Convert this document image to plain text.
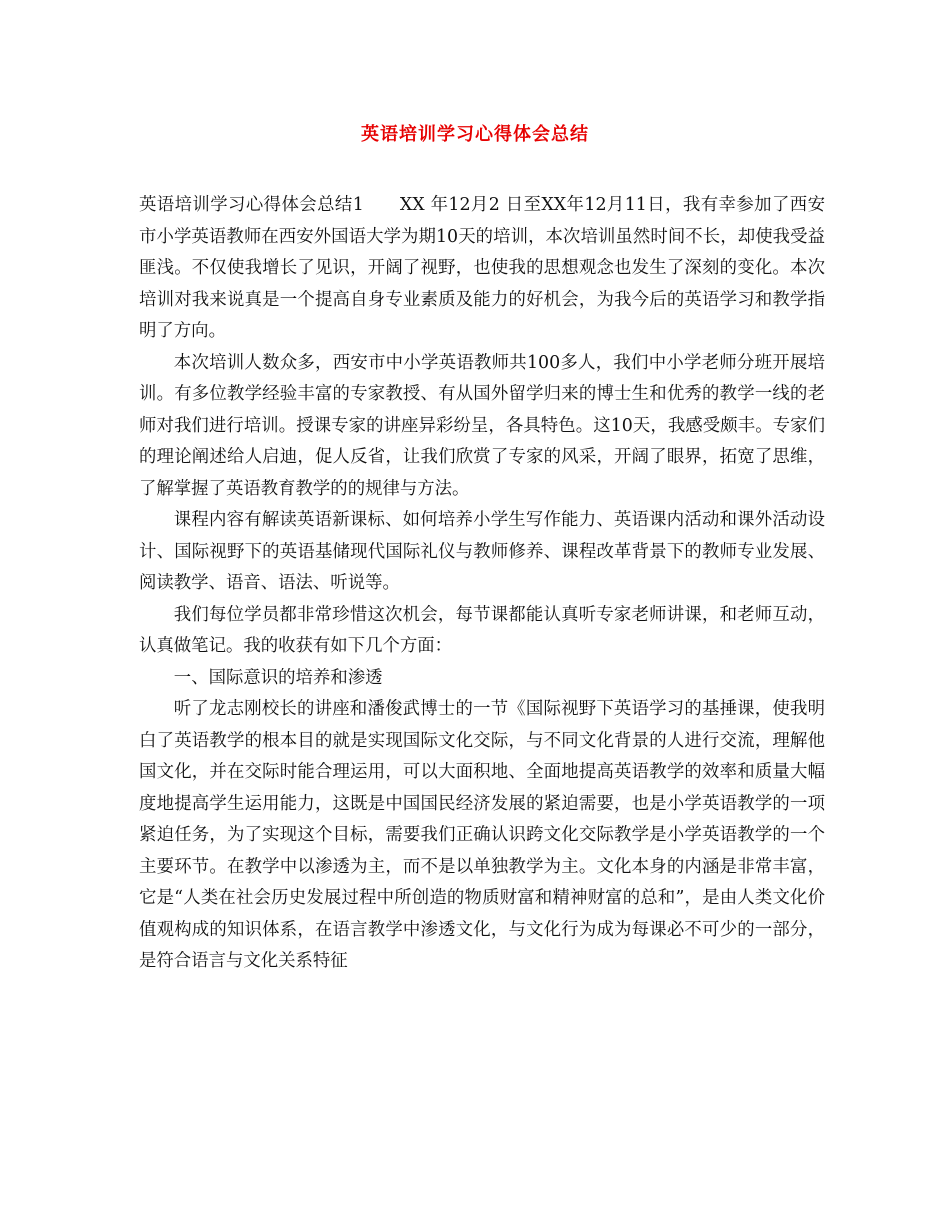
英语培训学习心得体会总结

英语培训学习心得体会总结1　　XX 年12月2 日至XX年12月11日，我有幸参加了西安市小学英语教师在西安外国语大学为期10天的培训，本次培训虽然时间不长，却使我受益匪浅。不仅使我增长了见识，开阔了视野，也使我的思想观念也发生了深刻的变化。本次培训对我来说真是一个提高自身专业素质及能力的好机会，为我今后的英语学习和教学指明了方向。

本次培训人数众多，西安市中小学英语教师共100多人，我们中小学老师分班开展培训。有多位教学经验丰富的专家教授、有从国外留学归来的博士生和优秀的教学一线的老师对我们进行培训。授课专家的讲座异彩纷呈，各具特色。这10天，我感受颇丰。专家们的理论阐述给人启迪，促人反省，让我们欣赏了专家的风采，开阔了眼界，拓宽了思维，了解掌握了英语教育教学的的规律与方法。

课程内容有解读英语新课标、如何培养小学生写作能力、英语课内活动和课外活动设计、国际视野下的英语基储现代国际礼仪与教师修养、课程改革背景下的教师专业发展、阅读教学、语音、语法、听说等。

我们每位学员都非常珍惜这次机会，每节课都能认真听专家老师讲课，和老师互动，认真做笔记。我的收获有如下几个方面：

一、国际意识的培养和渗透

听了龙志刚校长的讲座和潘俊武博士的一节《国际视野下英语学习的基捶课，使我明白了英语教学的根本目的就是实现国际文化交际，与不同文化背景的人进行交流，理解他国文化，并在交际时能合理运用，可以大面积地、全面地提高英语教学的效率和质量大幅度地提高学生运用能力，这既是中国国民经济发展的紧迫需要，也是小学英语教学的一项紧迫任务，为了实现这个目标，需要我们正确认识跨文化交际教学是小学英语教学的一个主要环节。在教学中以渗透为主，而不是以单独教学为主。文化本身的内涵是非常丰富，它是“人类在社会历史发展过程中所创造的物质财富和精神财富的总和”，是由人类文化价值观构成的知识体系，在语言教学中渗透文化，与文化行为成为每课必不可少的一部分，是符合语言与文化关系特征
